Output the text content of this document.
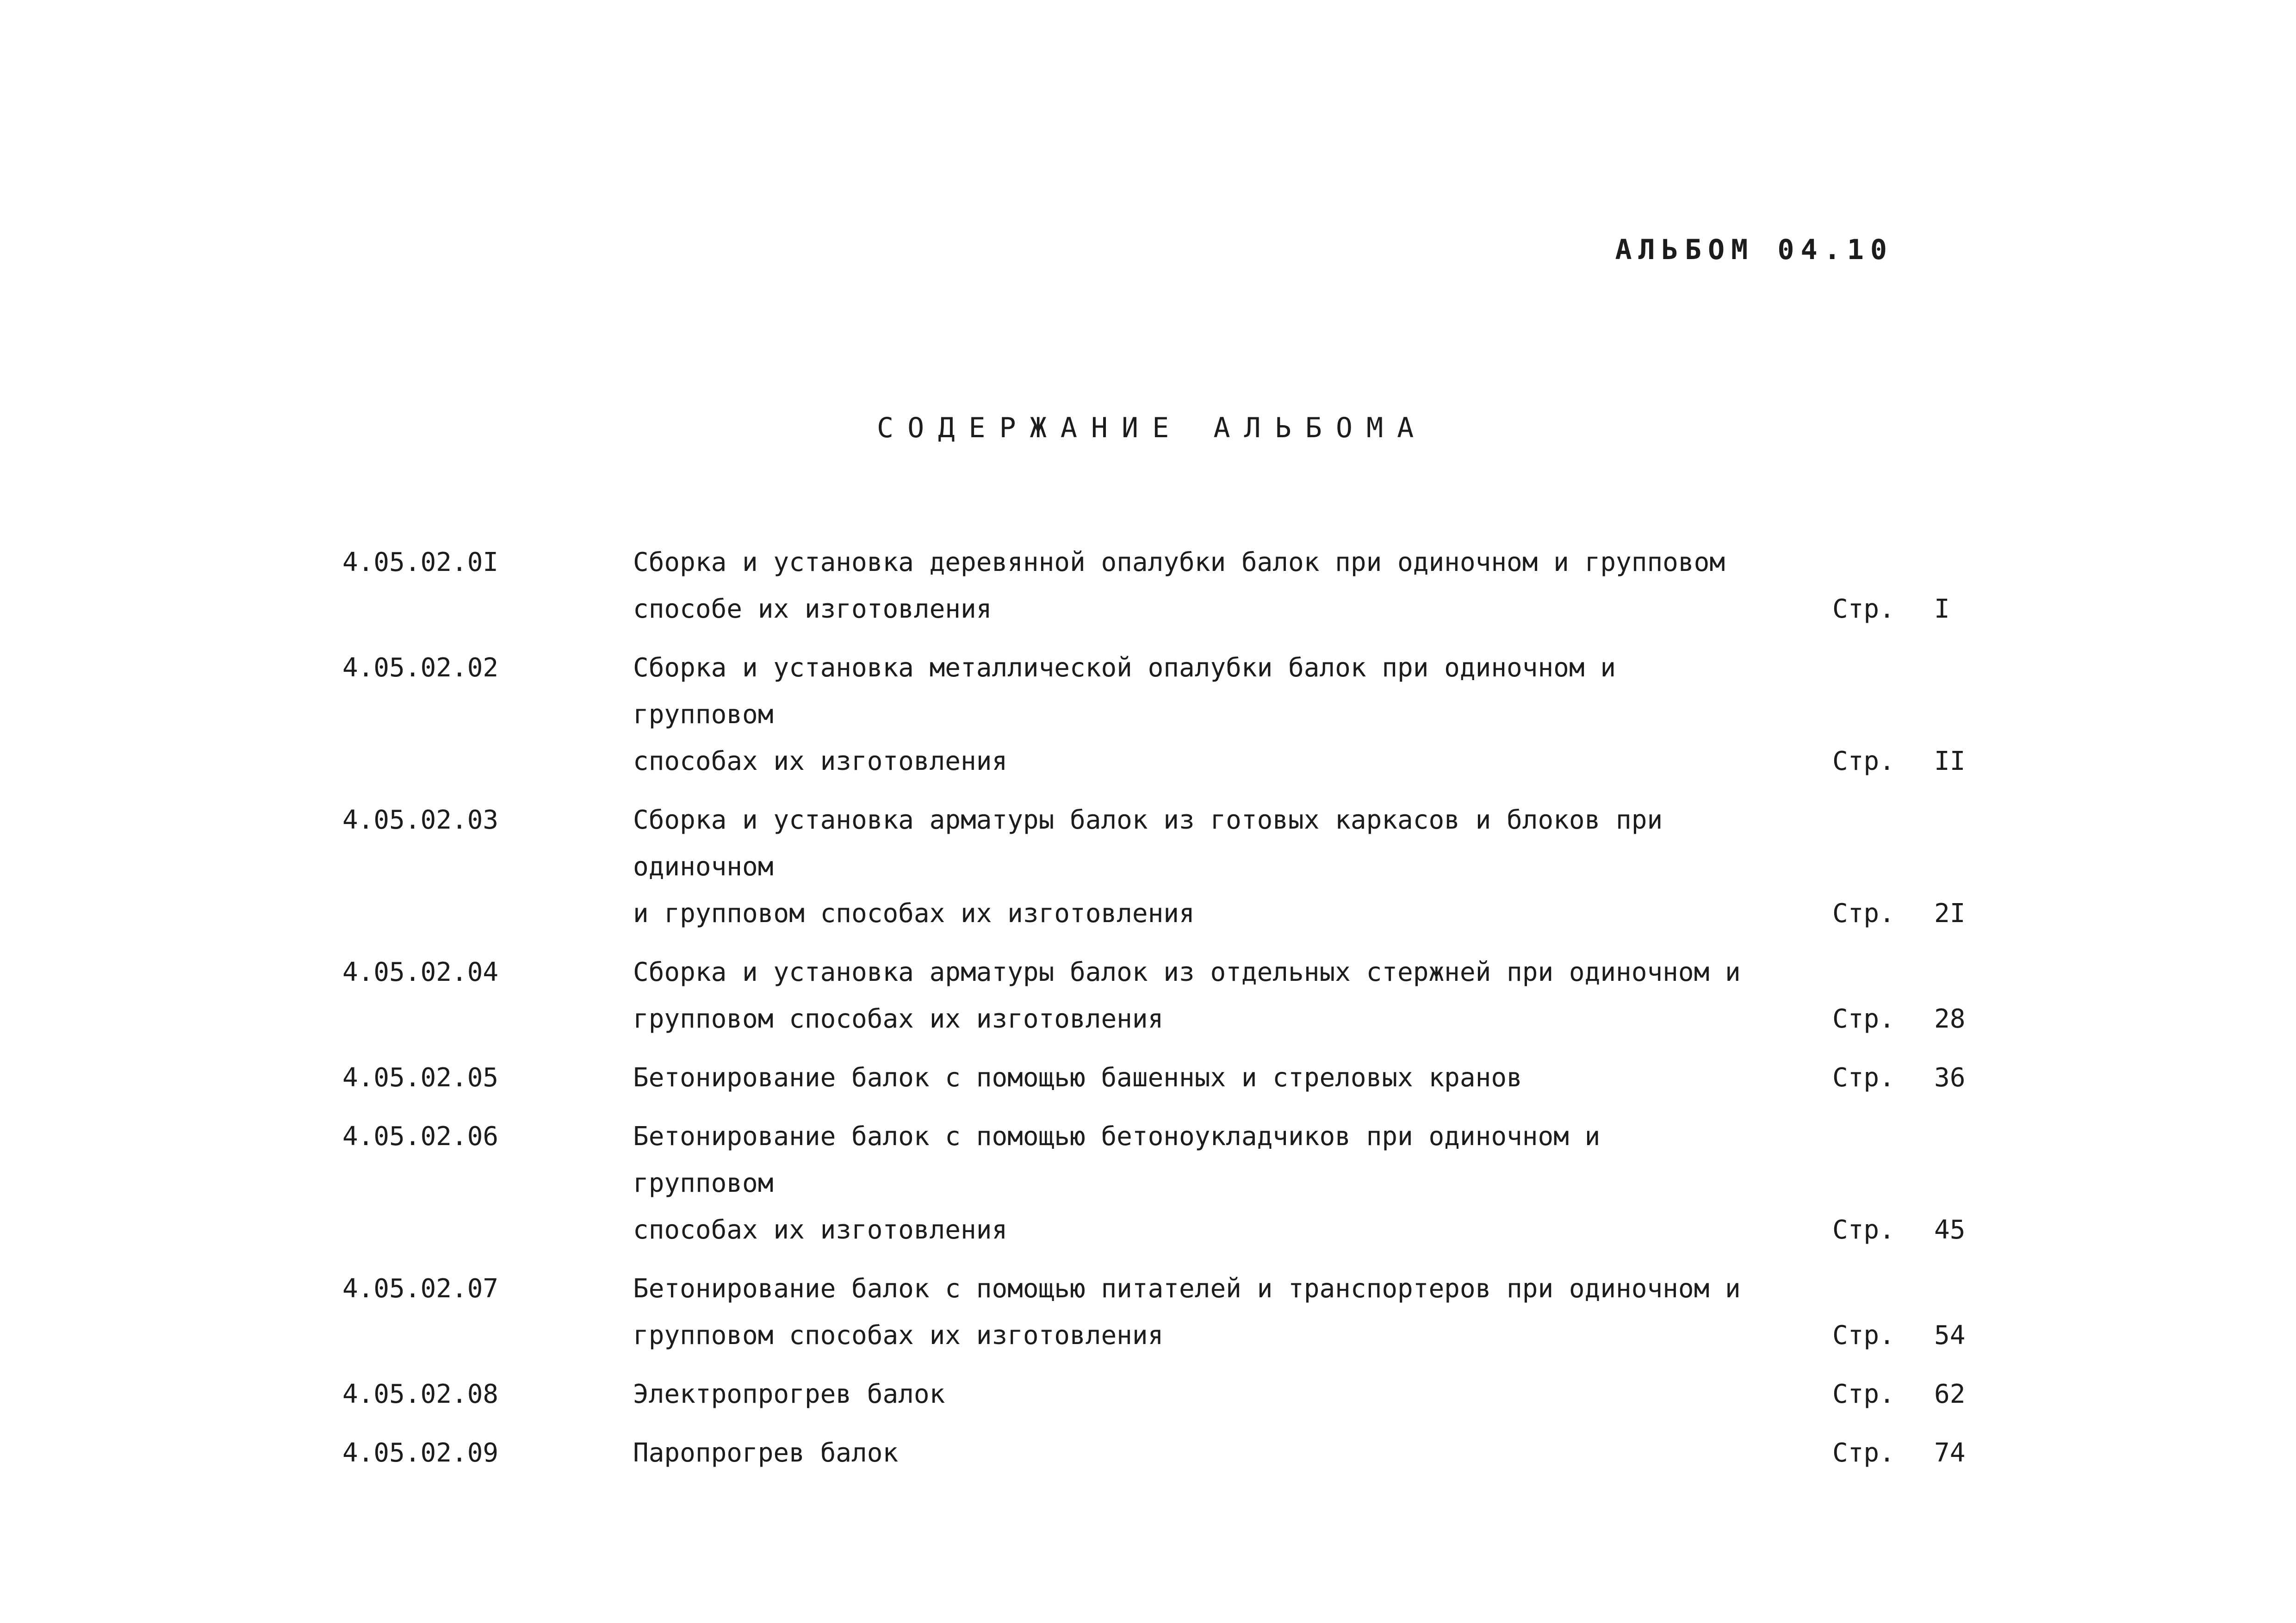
АЛЬБОМ 04.10
СОДЕРЖАНИЕ АЛЬБОМА
4.05.02.0I	Сборка и установка деревянной опалубки балок при одиночном и групповом
способе их изготовления	Стр. I
4.05.02.02	Сборка и установка металлической опалубки балок при одиночном и групповом
способах их изготовления	Стр. II
4.05.02.03	Сборка и установка арматуры балок из готовых каркасов и блоков при одиночном
и групповом способах их изготовления	Стр. 2I
4.05.02.04	Сборка и установка арматуры балок из отдельных стержней при одиночном и
групповом способах их изготовления	Стр. 28
4.05.02.05	Бетонирование балок с помощью башенных и стреловых кранов	Стр. 36
4.05.02.06	Бетонирование балок с помощью бетоноукладчиков при одиночном и групповом
способах их изготовления	Стр. 45
4.05.02.07	Бетонирование балок с помощью питателей и транспортеров при одиночном и
групповом способах их изготовления	Стр. 54
4.05.02.08	Электропрогрев балок	Стр. 62
4.05.02.09	Паропрогрев балок	Стр. 74
